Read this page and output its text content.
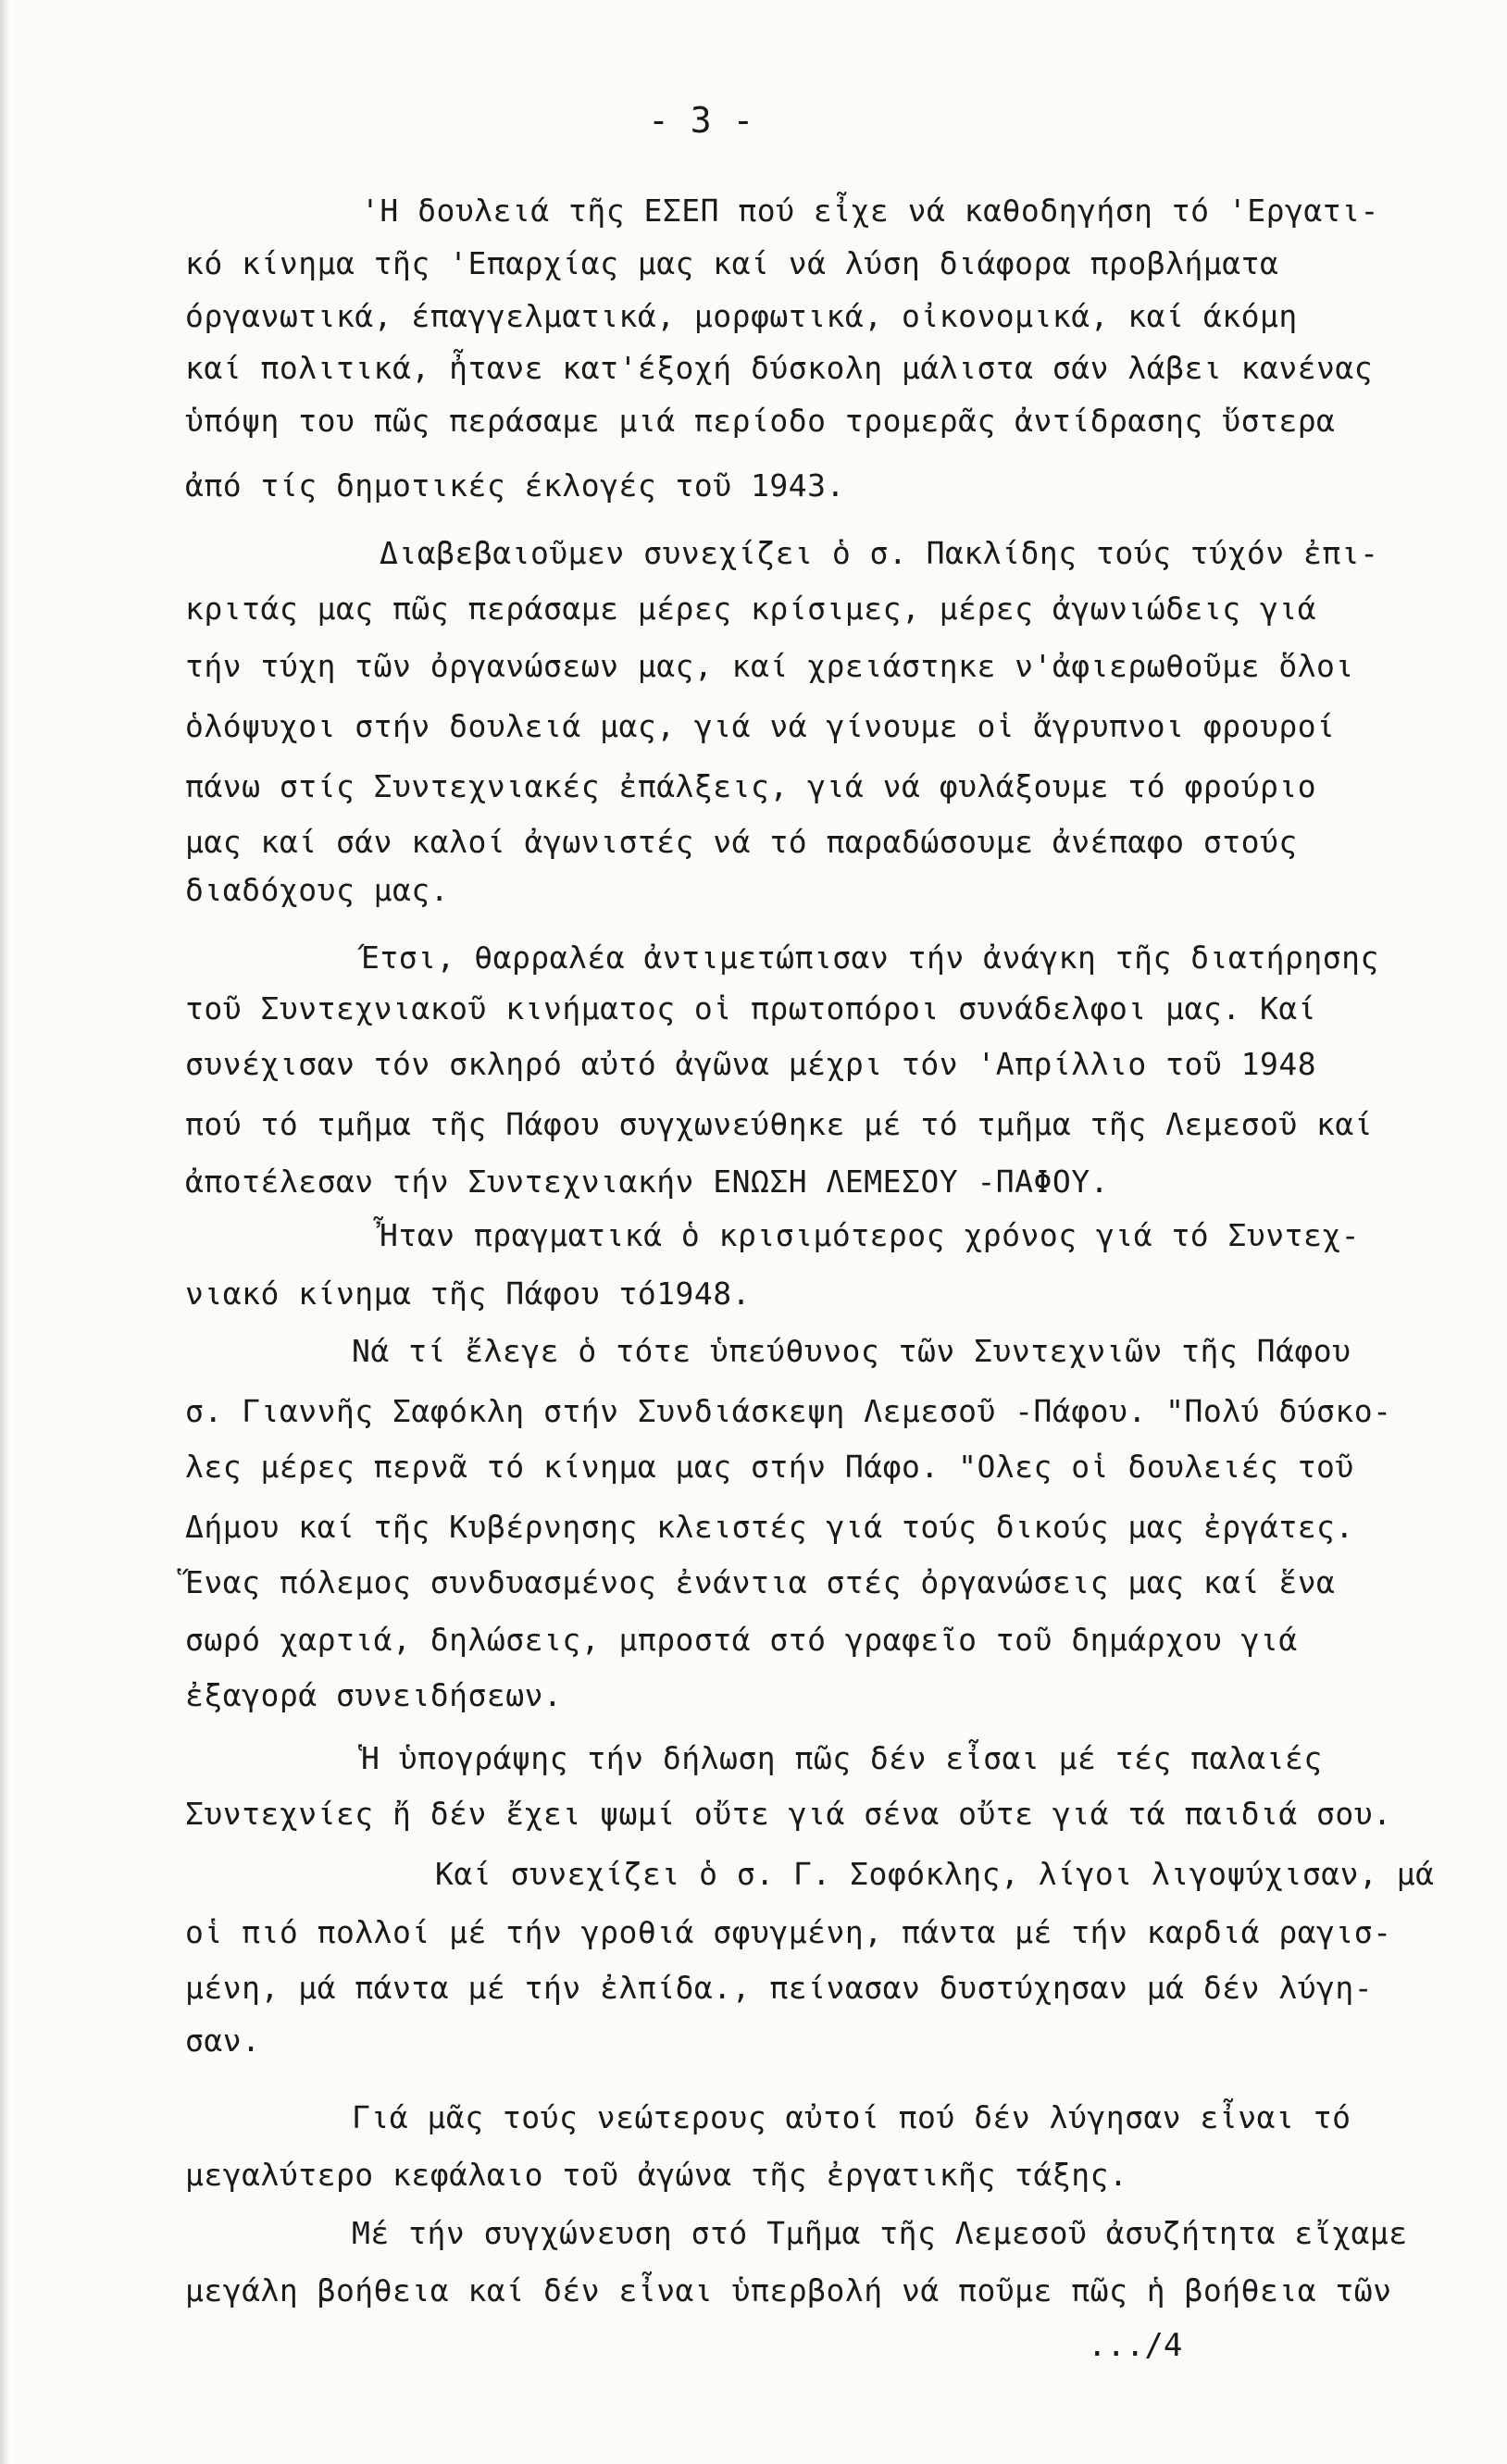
- 3 -
'Η δουλειά τῆς ΕΣΕΠ πού εἶχε νά καθοδηγήση τό 'Εργατι-
κό κίνημα τῆς 'Επαρχίας μας καί νά λύση διάφορα προβλήματα
όργανωτικά, έπαγγελματικά, μορφωτικά, οἰκονομικά, καί άκόμη
καί πολιτικά, ἦτανε κατ'έξοχή δύσκολη μάλιστα σάν λάβει κανένας
ὑπόψη του πῶς περάσαμε μιά περίοδο τρομερᾶς ἀντίδρασης ὕστερα
ἀπό τίς δημοτικές έκλογές τοῦ 1943.
Διαβεβαιοῦμεν συνεχίζει ὁ σ. Πακλίδης τούς τύχόν ἐπι-
κριτάς μας πῶς περάσαμε μέρες κρίσιμες, μέρες ἀγωνιώδεις γιά
τήν τύχη τῶν ὀργανώσεων μας, καί χρειάστηκε ν'ἀφιερωθοῦμε ὅλοι
ὁλόψυχοι στήν δουλειά μας, γιά νά γίνουμε οἱ ἄγρυπνοι φρουροί
πάνω στίς Συντεχνιακές ἐπάλξεις, γιά νά φυλάξουμε τό φρούριο
μας καί σάν καλοί ἀγωνιστές νά τό παραδώσουμε ἀνέπαφο στούς
διαδόχους μας.
Έτσι, θαρραλέα ἀντιμετώπισαν τήν ἀνάγκη τῆς διατήρησης
τοῦ Συντεχνιακοῦ κινήματος οἱ πρωτοπόροι συνάδελφοι μας. Καί
συνέχισαν τόν σκληρό αὐτό ἀγῶνα μέχρι τόν 'Απρίλλιο τοῦ 1948
πού τό τμῆμα τῆς Πάφου συγχωνεύθηκε μέ τό τμῆμα τῆς Λεμεσοῦ καί
ἀποτέλεσαν τήν Συντεχνιακήν ΕΝΩΣΗ ΛΕΜΕΣΟΥ -ΠΑΦΟΥ.
Ἦταν πραγματικά ὁ κρισιμότερος χρόνος γιά τό Συντεχ-
νιακό κίνημα τῆς Πάφου τό1948.
Νά τί ἔλεγε ὁ τότε ὑπεύθυνος τῶν Συντεχνιῶν τῆς Πάφου
σ. Γιαννῆς Σαφόκλη στήν Συνδιάσκεψη Λεμεσοῦ -Πάφου. "Πολύ δύσκο-
λες μέρες περνᾶ τό κίνημα μας στήν Πάφο. "Ολες οἱ δουλειές τοῦ
Δήμου καί τῆς Κυβέρνησης κλειστές γιά τούς δικούς μας ἐργάτες.
Ἕνας πόλεμος συνδυασμένος ἐνάντια στές ὀργανώσεις μας καί ἕνα
σωρό χαρτιά, δηλώσεις, μπροστά στό γραφεῖο τοῦ δημάρχου γιά
ἐξαγορά συνειδήσεων.
Ἡ ὑπογράψης τήν δήλωση πῶς δέν εἶσαι μέ τές παλαιές
Συντεχνίες ἤ δέν ἔχει ψωμί οὔτε γιά σένα οὔτε γιά τά παιδιά σου.
Καί συνεχίζει ὁ σ. Γ. Σοφόκλης, λίγοι λιγοψύχισαν, μά
οἱ πιό πολλοί μέ τήν γροθιά σφυγμένη, πάντα μέ τήν καρδιά ραγισ-
μένη, μά πάντα μέ τήν ἐλπίδα., πείνασαν δυστύχησαν μά δέν λύγη-
σαν.
Γιά μᾶς τούς νεώτερους αὐτοί πού δέν λύγησαν εἶναι τό
μεγαλύτερο κεφάλαιο τοῦ ἀγώνα τῆς ἐργατικῆς τάξης.
Μέ τήν συγχώνευση στό Τμῆμα τῆς Λεμεσοῦ ἀσυζήτητα εἴχαμε
μεγάλη βοήθεια καί δέν εἶναι ὑπερβολή νά ποῦμε πῶς ἡ βοήθεια τῶν
.../4
